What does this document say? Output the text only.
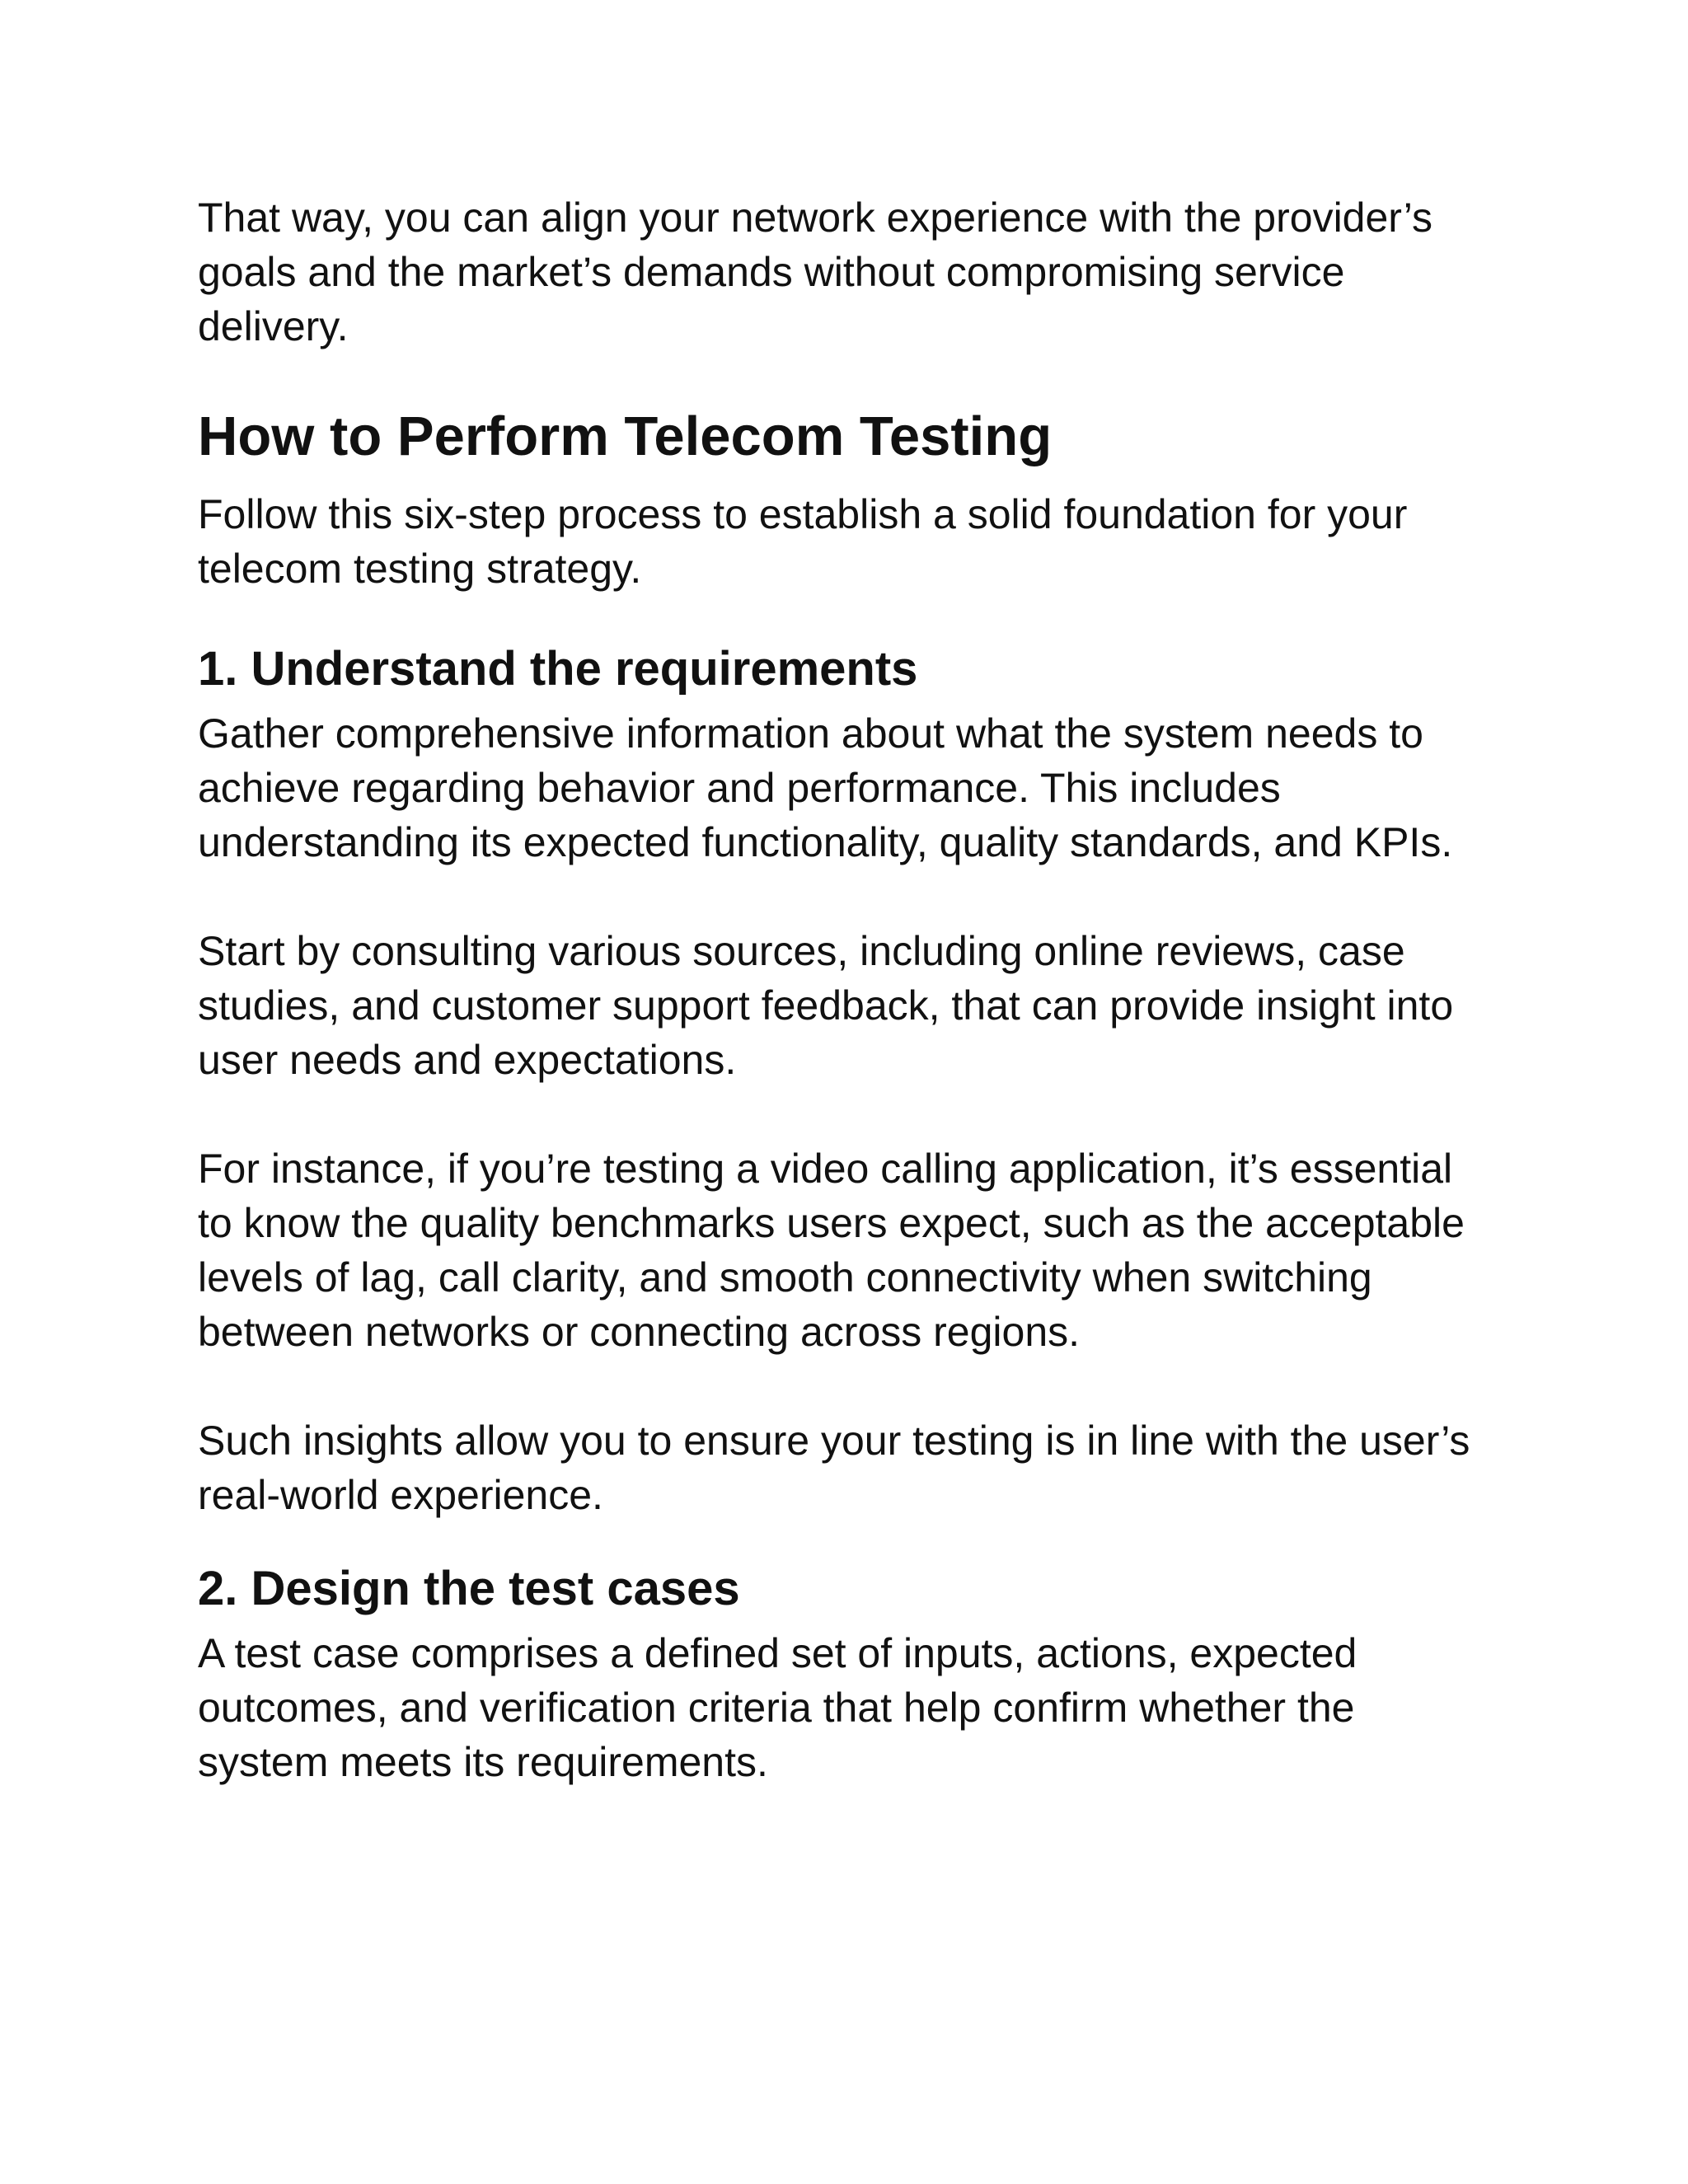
That way, you can align your network experience with the provider’s
goals and the market’s demands without compromising service
delivery.

How to Perform Telecom Testing

Follow this six-step process to establish a solid foundation for your
telecom testing strategy.

1. Understand the requirements

Gather comprehensive information about what the system needs to
achieve regarding behavior and performance. This includes
understanding its expected functionality, quality standards, and KPIs.

Start by consulting various sources, including online reviews, case
studies, and customer support feedback, that can provide insight into
user needs and expectations.

For instance, if you’re testing a video calling application, it’s essential
to know the quality benchmarks users expect, such as the acceptable
levels of lag, call clarity, and smooth connectivity when switching
between networks or connecting across regions.

Such insights allow you to ensure your testing is in line with the user’s
real-world experience.

2. Design the test cases

A test case comprises a defined set of inputs, actions, expected
outcomes, and verification criteria that help confirm whether the
system meets its requirements.
